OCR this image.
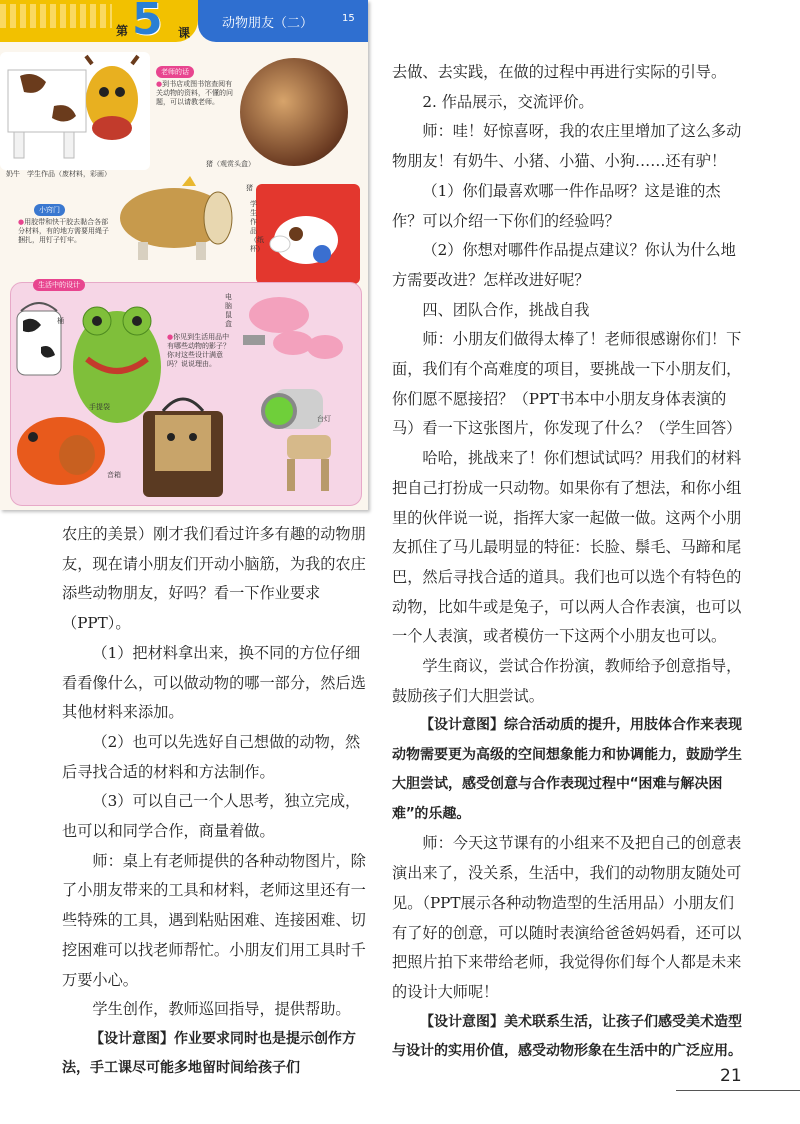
第 5 课
动物朋友（二）	15
老师的话
●到书店或图书馆查阅有关动物的资料，不懂的问题，可以请教老师。
奶牛　学生作品（废材料，彩画）
猪（观赏头盒）
小窍门
●用胶带和快干胶去黏合各部分材料，有的地方需要用绳子捆扎，用钉子钉牢。
猪
学生作品（纸杯）
生活中的设计
桶
电脑鼠盒
●你见到生活用品中有哪些动物的影子？你对这些设计满意吗？说说理由。
手提袋
音箱
台灯

农庄的美景）刚才我们看过许多有趣的动物朋友，现在请小朋友们开动小脑筋，为我的农庄添些动物朋友，好吗？看一下作业要求（PPT）。

（1）把材料拿出来，换不同的方位仔细看看像什么，可以做动物的哪一部分，然后选其他材料来添加。

（2）也可以先选好自己想做的动物，然后寻找合适的材料和方法制作。

（3）可以自己一个人思考，独立完成，也可以和同学合作，商量着做。

师：桌上有老师提供的各种动物图片，除了小朋友带来的工具和材料，老师这里还有一些特殊的工具，遇到粘贴困难、连接困难、切挖困难可以找老师帮忙。小朋友们用工具时千万要小心。

学生创作，教师巡回指导，提供帮助。

【设计意图】作业要求同时也是提示创作方法，手工课尽可能多地留时间给孩子们

去做、去实践，在做的过程中再进行实际的引导。

2. 作品展示，交流评价。

师：哇！好惊喜呀，我的农庄里增加了这么多动物朋友！有奶牛、小猪、小猫、小狗……还有驴！

（1）你们最喜欢哪一件作品呀？这是谁的杰作？可以介绍一下你们的经验吗？

（2）你想对哪件作品提点建议？你认为什么地方需要改进？怎样改进好呢？

四、团队合作，挑战自我

师：小朋友们做得太棒了！老师很感谢你们！下面，我们有个高难度的项目，要挑战一下小朋友们，你们愿不愿接招？（PPT书本中小朋友身体表演的马）看一下这张图片，你发现了什么？（学生回答）

哈哈，挑战来了！你们想试试吗？用我们的材料把自己打扮成一只动物。如果你有了想法，和你小组里的伙伴说一说，指挥大家一起做一做。这两个小朋友抓住了马儿最明显的特征：长脸、鬃毛、马蹄和尾巴，然后寻找合适的道具。我们也可以选个有特色的动物，比如牛或是兔子，可以两人合作表演，也可以一个人表演，或者模仿一下这两个小朋友也可以。

学生商议，尝试合作扮演，教师给予创意指导，鼓励孩子们大胆尝试。

【设计意图】综合活动质的提升，用肢体合作来表现动物需要更为高级的空间想象能力和协调能力，鼓励学生大胆尝试，感受创意与合作表现过程中“困难与解决困难”的乐趣。

师：今天这节课有的小组来不及把自己的创意表演出来了，没关系，生活中，我们的动物朋友随处可见。（PPT展示各种动物造型的生活用品）小朋友们有了好的创意，可以随时表演给爸爸妈妈看，还可以把照片拍下来带给老师，我觉得你们每个人都是未来的设计大师呢！

【设计意图】美术联系生活，让孩子们感受美术造型与设计的实用价值，感受动物形象在生活中的广泛应用。

21
